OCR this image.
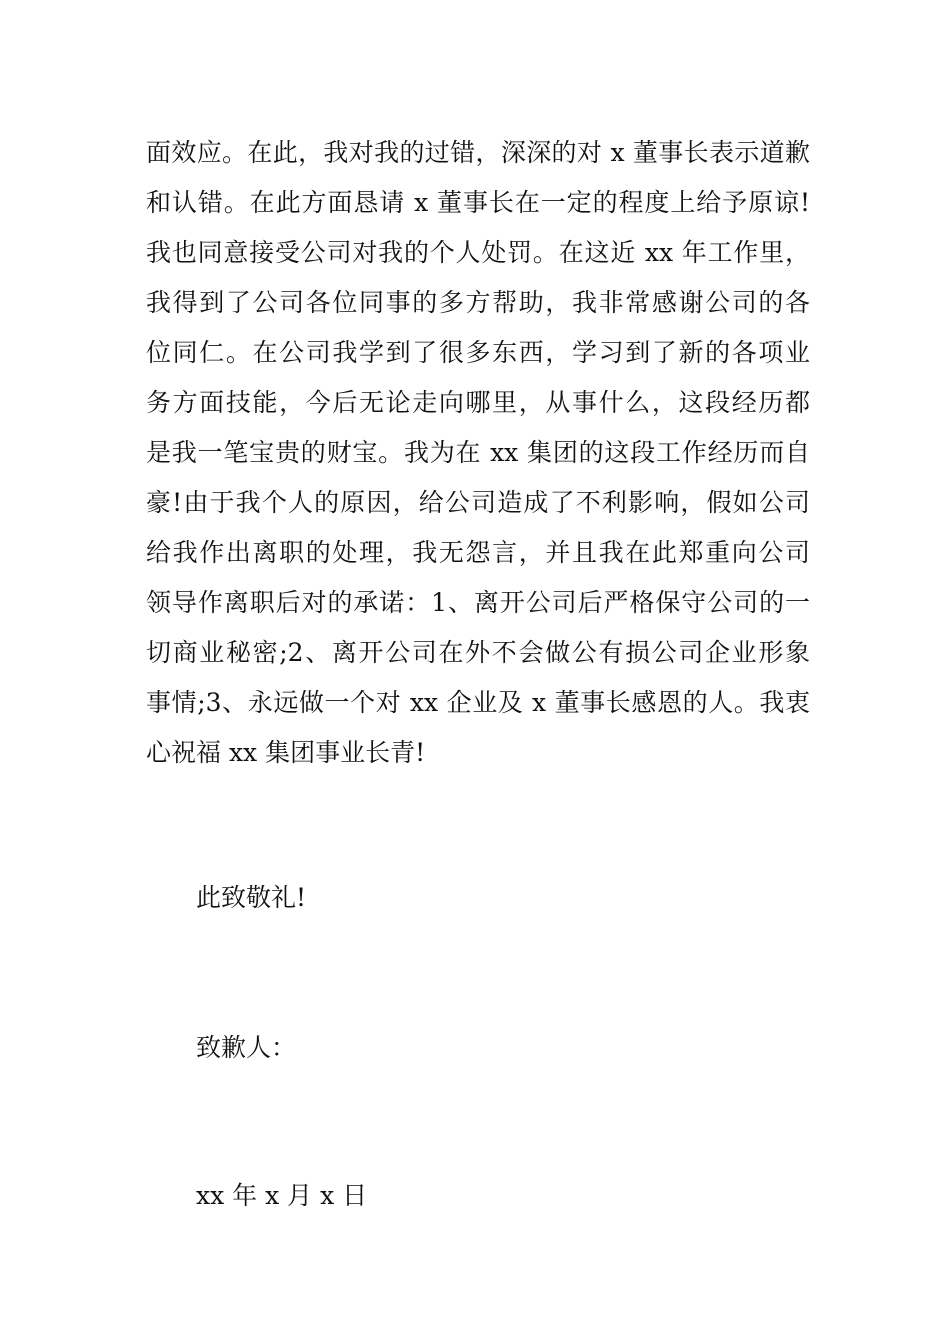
面效应。在此，我对我的过错，深深的对 x 董事长表示道歉
和认错。在此方面恳请 x 董事长在一定的程度上给予原谅!
我也同意接受公司对我的个人处罚。在这近 xx 年工作里，
我得到了公司各位同事的多方帮助，我非常感谢公司的各
位同仁。在公司我学到了很多东西，学习到了新的各项业
务方面技能，今后无论走向哪里，从事什么，这段经历都
是我一笔宝贵的财宝。我为在 xx 集团的这段工作经历而自
豪!由于我个人的原因，给公司造成了不利影响，假如公司
给我作出离职的处理，我无怨言，并且我在此郑重向公司
领导作离职后对的承诺：1、离开公司后严格保守公司的一
切商业秘密;2、离开公司在外不会做公有损公司企业形象
事情;3、永远做一个对 xx 企业及 x 董事长感恩的人。我衷
心祝福 xx 集团事业长青!
此致敬礼!
致歉人：
xx 年 x 月 x 日
